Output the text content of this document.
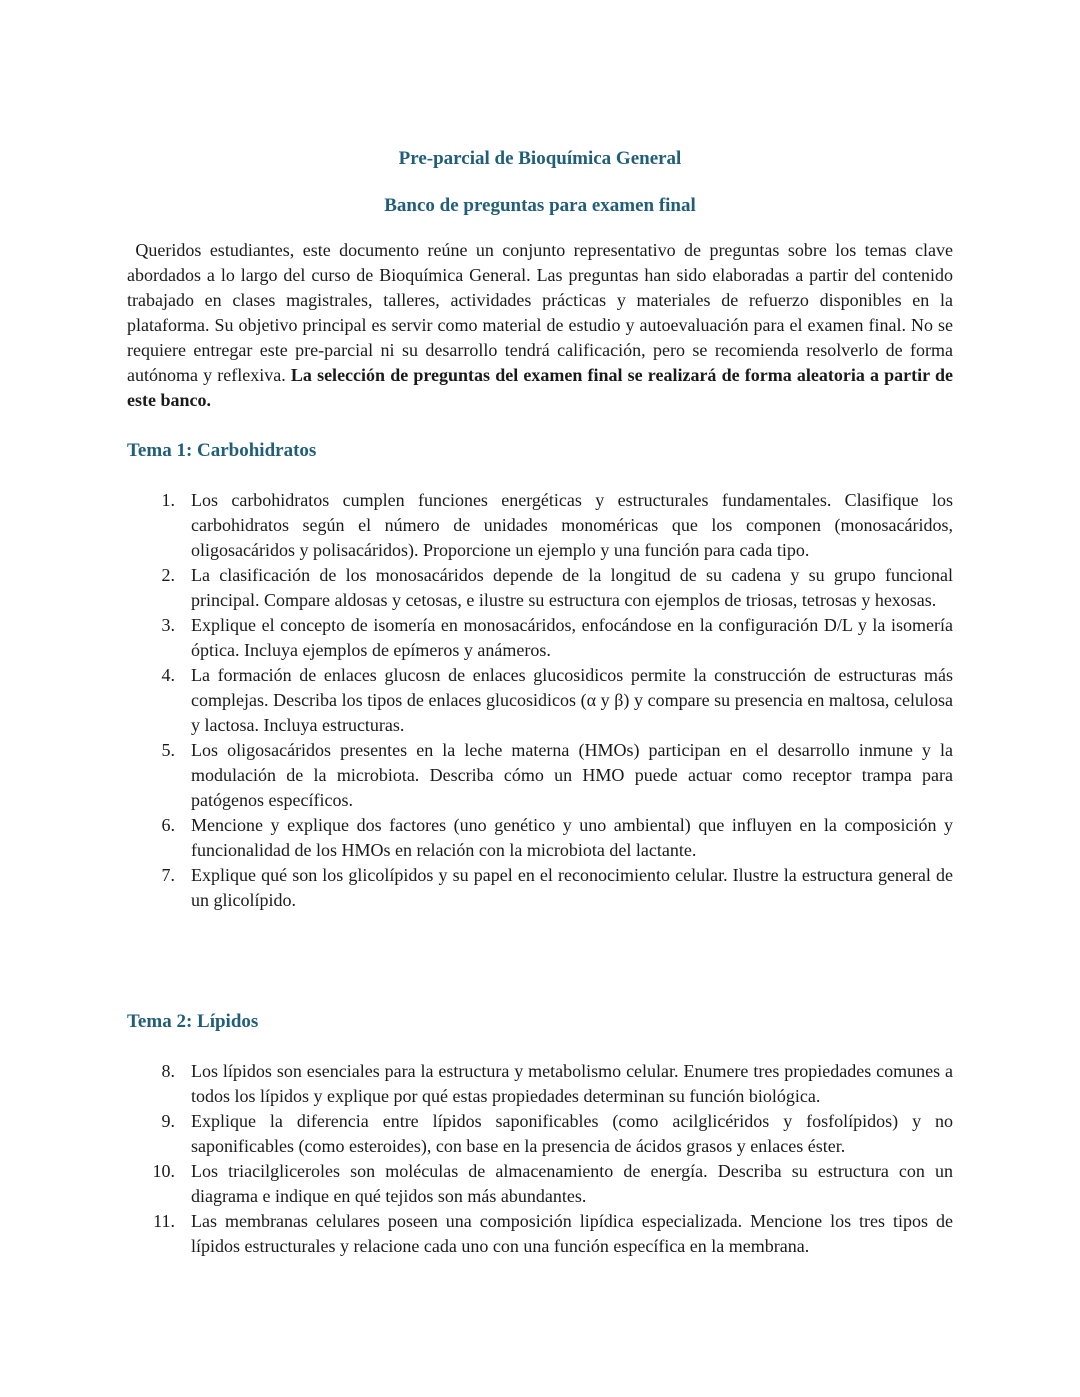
Pre-parcial de Bioquímica General
Banco de preguntas para examen final

Queridos estudiantes, este documento reúne un conjunto representativo de preguntas sobre los temas clave abordados a lo largo del curso de Bioquímica General. Las preguntas han sido elaboradas a partir del contenido trabajado en clases magistrales, talleres, actividades prácticas y materiales de refuerzo disponibles en la plataforma. Su objetivo principal es servir como material de estudio y autoevaluación para el examen final. No se requiere entregar este pre-parcial ni su desarrollo tendrá calificación, pero se recomienda resolverlo de forma autónoma y reflexiva. La selección de preguntas del examen final se realizará de forma aleatoria a partir de este banco.

Tema 1: Carbohidratos
1. Los carbohidratos cumplen funciones energéticas y estructurales fundamentales. Clasifique los carbohidratos según el número de unidades monoméricas que los componen (monosacáridos, oligosacáridos y polisacáridos). Proporcione un ejemplo y una función para cada tipo.
2. La clasificación de los monosacáridos depende de la longitud de su cadena y su grupo funcional principal. Compare aldosas y cetosas, e ilustre su estructura con ejemplos de triosas, tetrosas y hexosas.
3. Explique el concepto de isomería en monosacáridos, enfocándose en la configuración D/L y la isomería óptica. Incluya ejemplos de epímeros y anámeros.
4. La formación de enlaces glucosn de enlaces glucosidicos permite la construcción de estructuras más complejas. Describa los tipos de enlaces glucosidicos (α y β) y compare su presencia en maltosa, celulosa y lactosa. Incluya estructuras.
5. Los oligosacáridos presentes en la leche materna (HMOs) participan en el desarrollo inmune y la modulación de la microbiota. Describa cómo un HMO puede actuar como receptor trampa para patógenos específicos.
6. Mencione y explique dos factores (uno genético y uno ambiental) que influyen en la composición y funcionalidad de los HMOs en relación con la microbiota del lactante.
7. Explique qué son los glicolípidos y su papel en el reconocimiento celular. Ilustre la estructura general de un glicolípido.
Tema 2: Lípidos
8. Los lípidos son esenciales para la estructura y metabolismo celular. Enumere tres propiedades comunes a todos los lípidos y explique por qué estas propiedades determinan su función biológica.
9. Explique la diferencia entre lípidos saponificables (como acilglicéridos y fosfolípidos) y no saponificables (como esteroides), con base en la presencia de ácidos grasos y enlaces éster.
10. Los triacilgliceroles son moléculas de almacenamiento de energía. Describa su estructura con un diagrama e indique en qué tejidos son más abundantes.
11. Las membranas celulares poseen una composición lipídica especializada. Mencione los tres tipos de lípidos estructurales y relacione cada uno con una función específica en la membrana.
